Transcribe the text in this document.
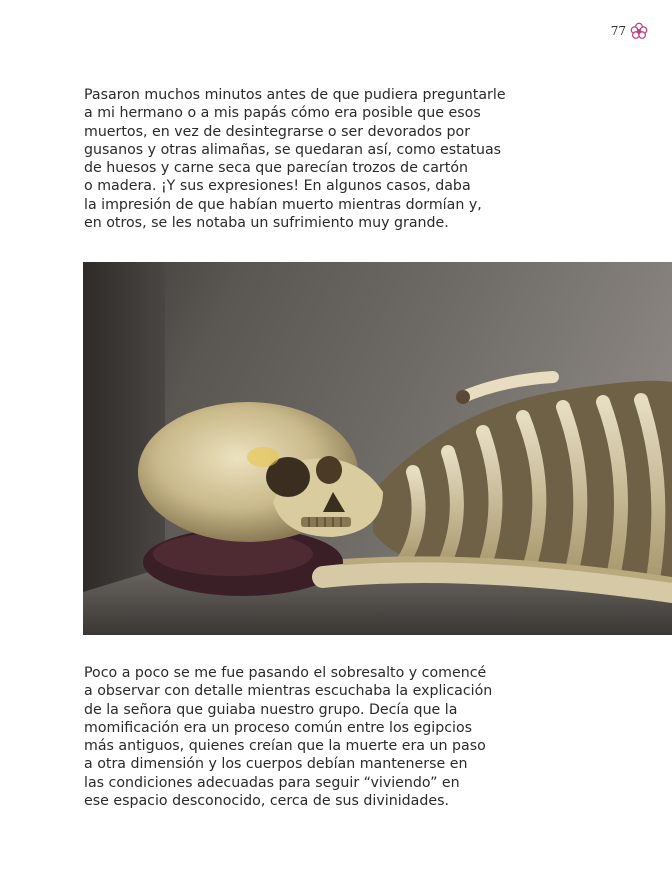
77

Pasaron muchos minutos antes de que pudiera preguntarle
a mi hermano o a mis papás cómo era posible que esos
muertos, en vez de desintegrarse o ser devorados por
gusanos y otras alimañas, se quedaran así, como estatuas
de huesos y carne seca que parecían trozos de cartón
o madera. ¡Y sus expresiones! En algunos casos, daba
la impresión de que habían muerto mientras dormían y,
en otros, se les notaba un sufrimiento muy grande.

Poco a poco se me fue pasando el sobresalto y comencé
a observar con detalle mientras escuchaba la explicación
de la señora que guiaba nuestro grupo. Decía que la
momificación era un proceso común entre los egipcios
más antiguos, quienes creían que la muerte era un paso
a otra dimensión y los cuerpos debían mantenerse en
las condiciones adecuadas para seguir “viviendo” en
ese espacio desconocido, cerca de sus divinidades.
